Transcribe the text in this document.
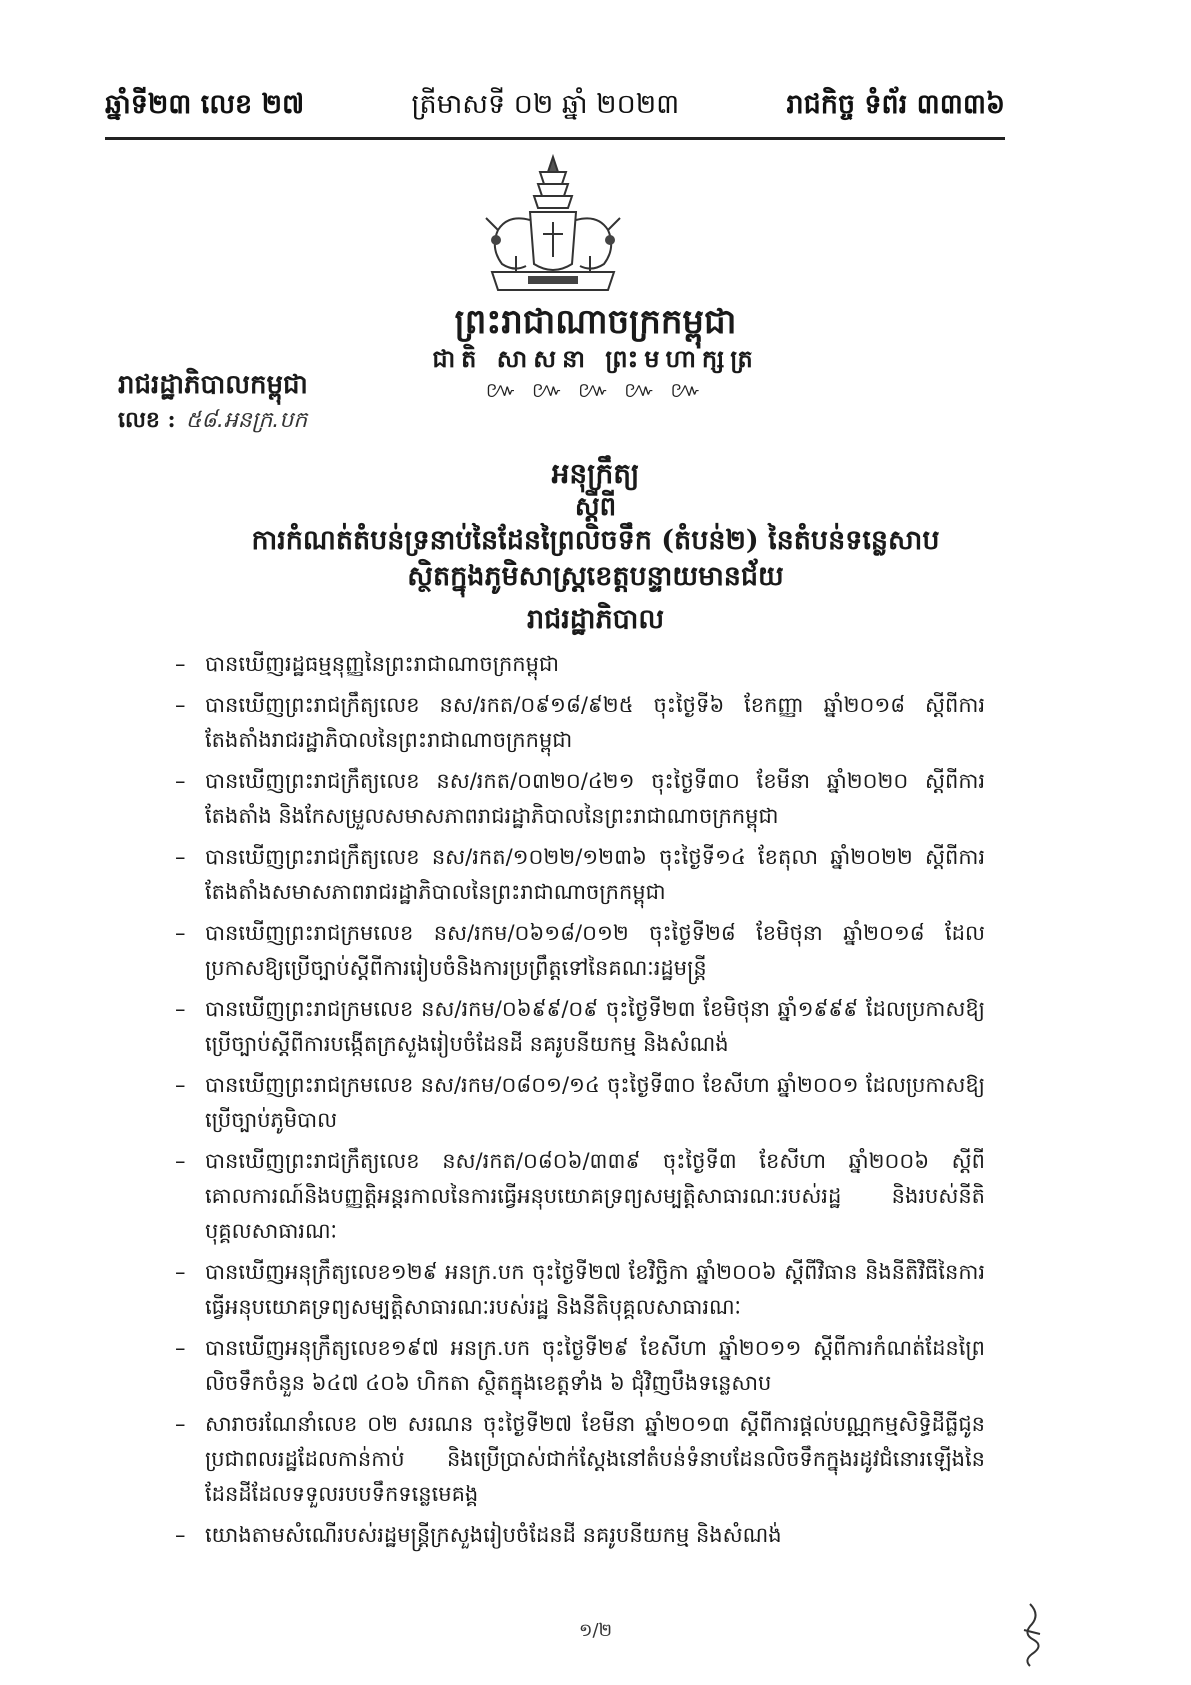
ឆ្នាំទី២៣ លេខ ២៧	ត្រីមាសទី ០២ ឆ្នាំ ២០២៣	រាជកិច្ច ទំព័រ ៣៣៣៦
ព្រះរាជាណាចក្រកម្ពុជា
ជាតិ សាសនា ព្រះមហាក្សត្រ
៚ ៚ ៚ ៚ ៚
រាជរដ្ឋាភិបាលកម្ពុជា
លេខ : ៥៨.អនក្រ.បក
អនុក្រឹត្យ
ស្តីពី
ការកំណត់តំបន់ទ្រនាប់នៃដែនព្រៃលិចទឹក (តំបន់២) នៃតំបន់ទន្លេសាប
ស្ថិតក្នុងភូមិសាស្ត្រខេត្តបន្ទាយមានជ័យ
រាជរដ្ឋាភិបាល
– បានឃើញរដ្ឋធម្មនុញ្ញនៃព្រះរាជាណាចក្រកម្ពុជា
– បានឃើញព្រះរាជក្រឹត្យលេខ នស/រកត/០៩១៨/៩២៥ ចុះថ្ងៃទី៦ ខែកញ្ញា ឆ្នាំ២០១៨ ស្តីពីការតែងតាំងរាជរដ្ឋាភិបាលនៃព្រះរាជាណាចក្រកម្ពុជា
– បានឃើញព្រះរាជក្រឹត្យលេខ នស/រកត/០៣២០/៤២១ ចុះថ្ងៃទី៣០ ខែមីនា ឆ្នាំ២០២០ ស្តីពីការតែងតាំង និងកែសម្រួលសមាសភាពរាជរដ្ឋាភិបាលនៃព្រះរាជាណាចក្រកម្ពុជា
– បានឃើញព្រះរាជក្រឹត្យលេខ នស/រកត/១០២២/១២៣៦ ចុះថ្ងៃទី១៤ ខែតុលា ឆ្នាំ២០២២ ស្តីពីការតែងតាំងសមាសភាពរាជរដ្ឋាភិបាលនៃព្រះរាជាណាចក្រកម្ពុជា
– បានឃើញព្រះរាជក្រមលេខ នស/រកម/០៦១៨/០១២ ចុះថ្ងៃទី២៨ ខែមិថុនា ឆ្នាំ២០១៨ ដែលប្រកាសឱ្យប្រើច្បាប់ស្តីពីការរៀបចំនិងការប្រព្រឹត្តទៅនៃគណៈរដ្ឋមន្ត្រី
– បានឃើញព្រះរាជក្រមលេខ នស/រកម/០៦៩៩/០៩ ចុះថ្ងៃទី២៣ ខែមិថុនា ឆ្នាំ១៩៩៩ ដែលប្រកាសឱ្យប្រើច្បាប់ស្តីពីការបង្កើតក្រសួងរៀបចំដែនដី នគរូបនីយកម្ម និងសំណង់
– បានឃើញព្រះរាជក្រមលេខ នស/រកម/០៨០១/១៤ ចុះថ្ងៃទី៣០ ខែសីហា ឆ្នាំ២០០១ ដែលប្រកាសឱ្យប្រើច្បាប់ភូមិបាល
– បានឃើញព្រះរាជក្រឹត្យលេខ នស/រកត/០៨០៦/៣៣៩ ចុះថ្ងៃទី៣ ខែសីហា ឆ្នាំ២០០៦ ស្តីពីគោលការណ៍និងបញ្ញត្តិអន្តរកាលនៃការធ្វើអនុបយោគទ្រព្យសម្បត្តិសាធារណៈរបស់រដ្ឋ និងរបស់នីតិបុគ្គលសាធារណៈ
– បានឃើញអនុក្រឹត្យលេខ១២៩ អនក្រ.បក ចុះថ្ងៃទី២៧ ខែវិច្ឆិកា ឆ្នាំ២០០៦ ស្តីពីវិធាន និងនីតិវិធីនៃការធ្វើអនុបយោគទ្រព្យសម្បត្តិសាធារណៈរបស់រដ្ឋ និងនីតិបុគ្គលសាធារណៈ
– បានឃើញអនុក្រឹត្យលេខ១៩៧ អនក្រ.បក ចុះថ្ងៃទី២៩ ខែសីហា ឆ្នាំ២០១១ ស្តីពីការកំណត់ដែនព្រៃលិចទឹកចំនួន ៦៤៧ ៤០៦ ហិកតា ស្ថិតក្នុងខេត្តទាំង ៦ ជុំវិញបឹងទន្លេសាប
– សារាចរណែនាំលេខ ០២ សរណន ចុះថ្ងៃទី២៧ ខែមីនា ឆ្នាំ២០១៣ ស្តីពីការផ្តល់បណ្ណកម្មសិទ្ធិដីធ្លីជូនប្រជាពលរដ្ឋដែលកាន់កាប់ និងប្រើប្រាស់ជាក់ស្តែងនៅតំបន់ទំនាបដែនលិចទឹកក្នុងរដូវជំនោរឡើងនៃដែនដីដែលទទួលរបបទឹកទន្លេមេគង្គ
– យោងតាមសំណើរបស់រដ្ឋមន្ត្រីក្រសួងរៀបចំដែនដី នគរូបនីយកម្ម និងសំណង់
១/២
